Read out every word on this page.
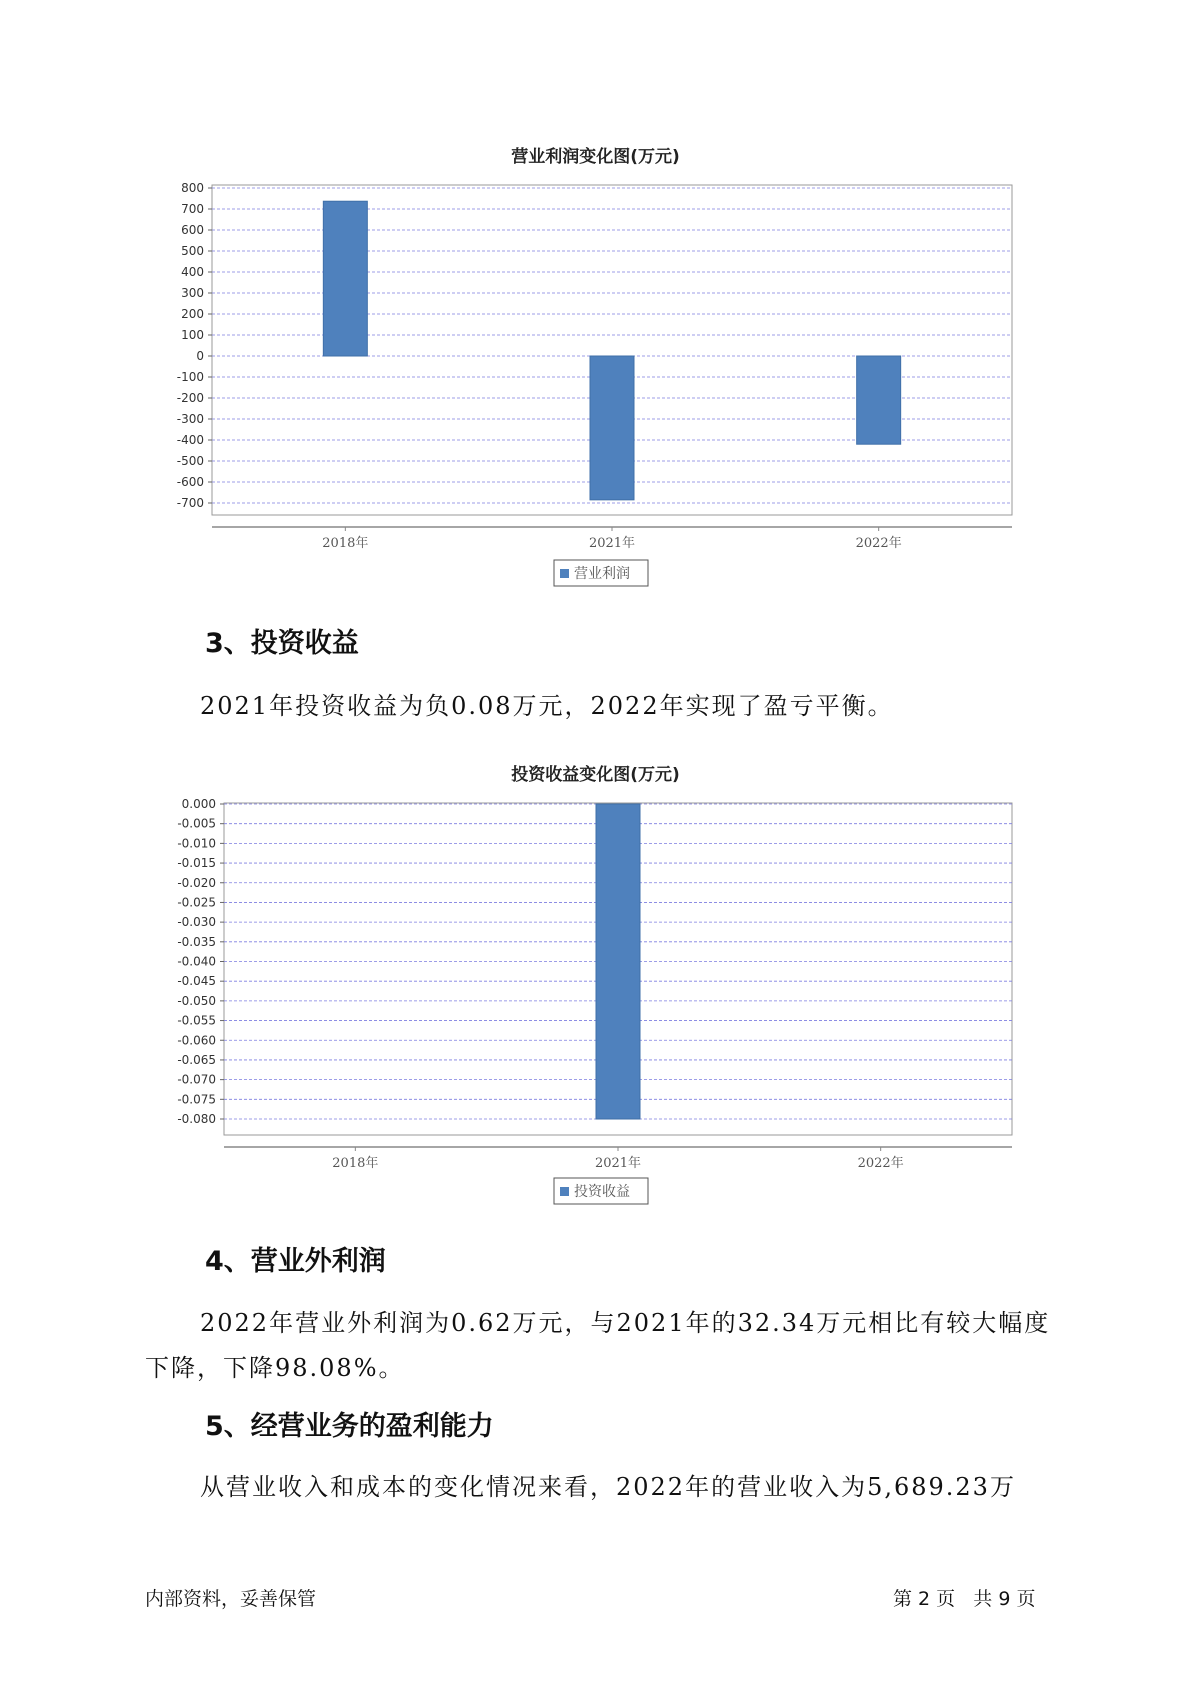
营业利润变化图(万元)
800
700
600
500
400
300
200
100
0
-100
-200
-300
-400
-500
-600
-700
2018年	2021年	2022年
营业利润
3、投资收益
2021年投资收益为负0.08万元，2022年实现了盈亏平衡。
投资收益变化图(万元)
0.000
-0.005
-0.010
-0.015
-0.020
-0.025
-0.030
-0.035
-0.040
-0.045
-0.050
-0.055
-0.060
-0.065
-0.070
-0.075
-0.080
2018年	2021年	2022年
投资收益
4、营业外利润
2022年营业外利润为0.62万元，与2021年的32.34万元相比有较大幅度
下降，下降98.08%。
5、经营业务的盈利能力
从营业收入和成本的变化情况来看，2022年的营业收入为5,689.23万
内部资料，妥善保管	第 2 页   共 9 页
